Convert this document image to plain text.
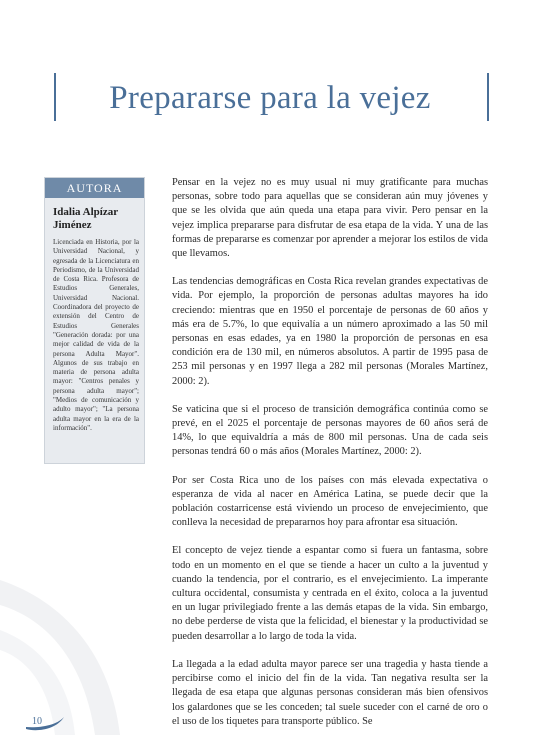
Prepararse para la vejez
AUTORA
Idalia Alpízar Jiménez
Licenciada en Historia, por la Universidad Nacional, y egresada de la Licenciatura en Periodismo, de la Universidad de Costa Rica. Profesora de Estudios Generales, Universidad Nacional. Coordinadora del proyecto de extensión del Centro de Estudios Generales "Generación dorada: por una mejor calidad de vida de la persona Adulta Mayor". Algunos de sus trabajo en materia de persona adulta mayor: "Centros penales y persona adulta mayor"; "Medios de comunicación y adulto mayor"; "La persona adulta mayor en la era de la información".

Pensar en la vejez no es muy usual ni muy gratificante para muchas personas, sobre todo para aquellas que se consideran aún muy jóvenes y que se les olvida que aún queda una etapa para vivir. Pero pensar en la vejez implica prepararse para disfrutar de esa etapa de la vida. Y una de las formas de prepararse es comenzar por aprender a mejorar los estilos de vida que llevamos.

Las tendencias demográficas en Costa Rica revelan grandes expectativas de vida. Por ejemplo, la proporción de personas adultas mayores ha ido creciendo: mientras que en 1950 el porcentaje de personas de 60 años y más era de 5.7%, lo que equivalía a un número aproximado a las 50 mil personas en esas edades, ya en 1980 la proporción de personas en esa condición era de 130 mil, en números absolutos. A partir de 1995 pasa de 253 mil personas y en 1997 llega a 282 mil personas (Morales Martínez, 2000: 2).

Se vaticina que si el proceso de transición demográfica continúa como se prevé, en el 2025 el porcentaje de personas mayores de 60 años será de 14%, lo que equivaldría a más de 800 mil personas. Una de cada seis personas tendrá 60 o más años (Morales Martínez, 2000: 2).

Por ser Costa Rica uno de los países con más elevada expectativa o esperanza de vida al nacer en América Latina, se puede decir que la población costarricense está viviendo un proceso de envejecimiento, que conlleva la necesidad de prepararnos hoy para afrontar esa situación.

El concepto de vejez tiende a espantar como si fuera un fantasma, sobre todo en un momento en el que se tiende a hacer un culto a la juventud y cuando la tendencia, por el contrario, es el envejecimiento. La imperante cultura occidental, consumista y centrada en el éxito, coloca a la juventud en un lugar privilegiado frente a las demás etapas de la vida. Sin embargo, no debe perderse de vista que la felicidad, el bienestar y la productividad se pueden desarrollar a lo largo de toda la vida.

La llegada a la edad adulta mayor parece ser una tragedia y hasta tiende a percibirse como el inicio del fin de la vida. Tan negativa resulta ser la llegada de esa etapa que algunas personas consideran más bien ofensivos los galardones que se les conceden; tal suele suceder con el carné de oro o el uso de los tiquetes para transporte público. Se

10
